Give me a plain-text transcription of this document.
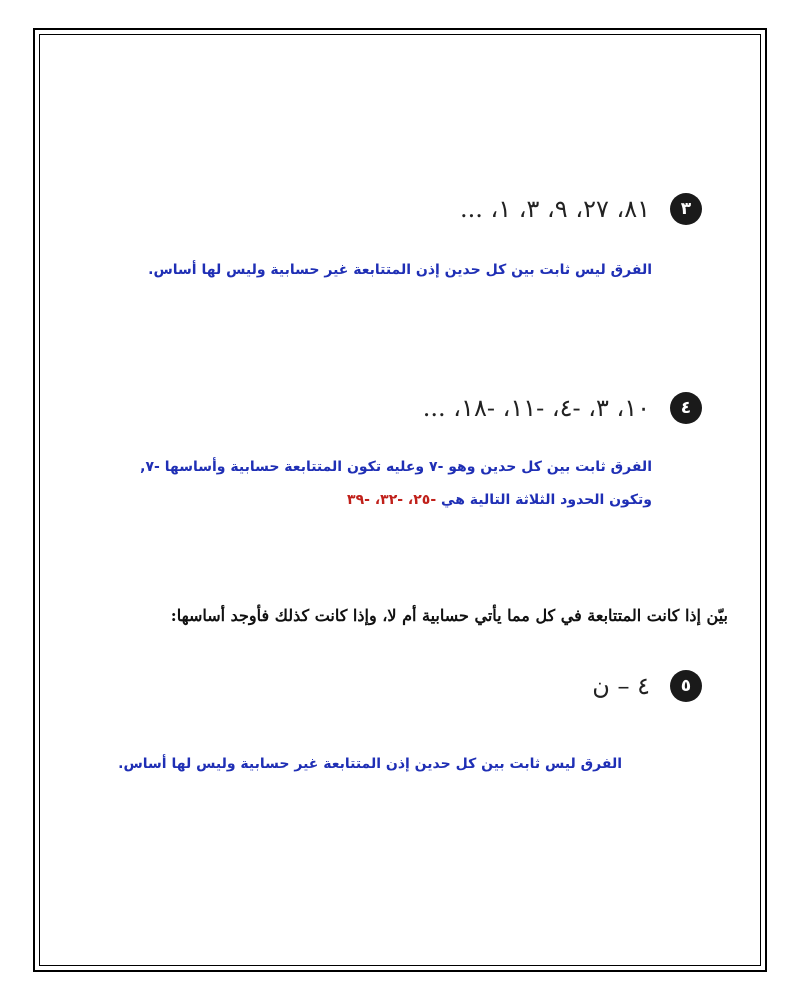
٣ ٨١، ٢٧، ٩، ٣، ١، ...
الفرق ليس ثابت بين كل حدين إذن المتتابعة غير حسابية وليس لها أساس.
٤ ١٠، ٣، -٤، -١١، -١٨، ...
الفرق ثابت بين كل حدين وهو -٧ وعليه تكون المتتابعة حسابية وأساسها -٧,
وتكون الحدود الثلاثة التالية هي -٢٥، -٣٢، -٣٩
بيّن إذا كانت المتتابعة في كل مما يأتي حسابية أم لا، وإذا كانت كذلك فأوجد أساسها:
٥ ٤ – ن
الفرق ليس ثابت بين كل حدين إذن المتتابعة غير حسابية وليس لها أساس.
